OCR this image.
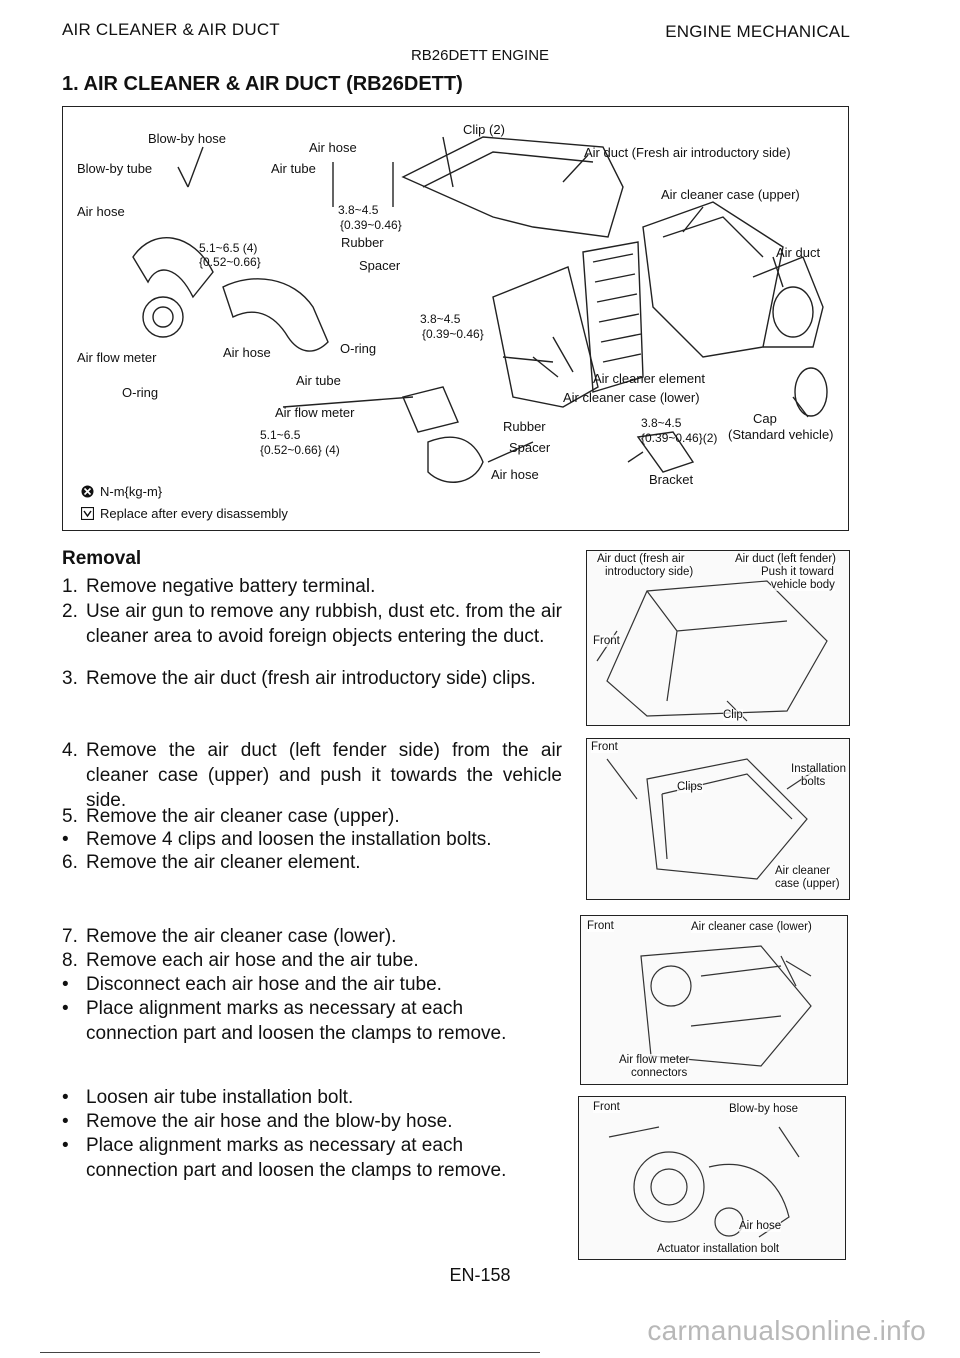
AIR CLEANER & AIR DUCT	ENGINE MECHANICAL
RB26DETT ENGINE
1. AIR CLEANER & AIR DUCT (RB26DETT)
Blow-by hose
Blow-by tube
Air hose
Air tube
Air hose
Clip (2)
Air duct (Fresh air introductory side)
Air cleaner case (upper)
Air duct
3.8~4.5
{0.39~0.46}
5.1~6.5 (4)
{0.52~0.66}
Rubber
Spacer
3.8~4.5
{0.39~0.46}
O-ring
Air flow meter	Air hose
Air tube
O-ring
Air flow meter
Air cleaner element
Air cleaner case (lower)
Cap
(Standard vehicle)
5.1~6.5
{0.52~0.66} (4)
Rubber
Spacer
3.8~4.5
{0.39~0.46}(2)
Air hose	Bracket
N-m{kg-m}
Replace after every disassembly
Removal
1. Remove negative battery terminal.
2. Use air gun to remove any rubbish, dust etc. from the air cleaner area to avoid foreign objects entering the duct.
3. Remove the air duct (fresh air introductory side) clips.
4. Remove the air duct (left fender side) from the air cleaner case (upper) and push it towards the vehicle side.
5. Remove the air cleaner case (upper).
• Remove 4 clips and loosen the installation bolts.
6. Remove the air cleaner element.
7. Remove the air cleaner case (lower).
8. Remove each air hose and the air tube.
• Disconnect each air hose and the air tube.
• Place alignment marks as necessary at each connection part and loosen the clamps to remove.
• Loosen air tube installation bolt.
• Remove the air hose and the blow-by hose.
• Place alignment marks as necessary at each connection part and loosen the clamps to remove.
Air duct (fresh air
introductory side)
Air duct (left fender)
Push it toward
vehicle body
Front
Clip
Front
Installation
bolts
Clips
Air cleaner
case (upper)
Front	Air cleaner case (lower)
Air flow meter
connectors
Front	Blow-by hose
Air hose
Actuator installation bolt
EN-158
carmanualsonline.info
